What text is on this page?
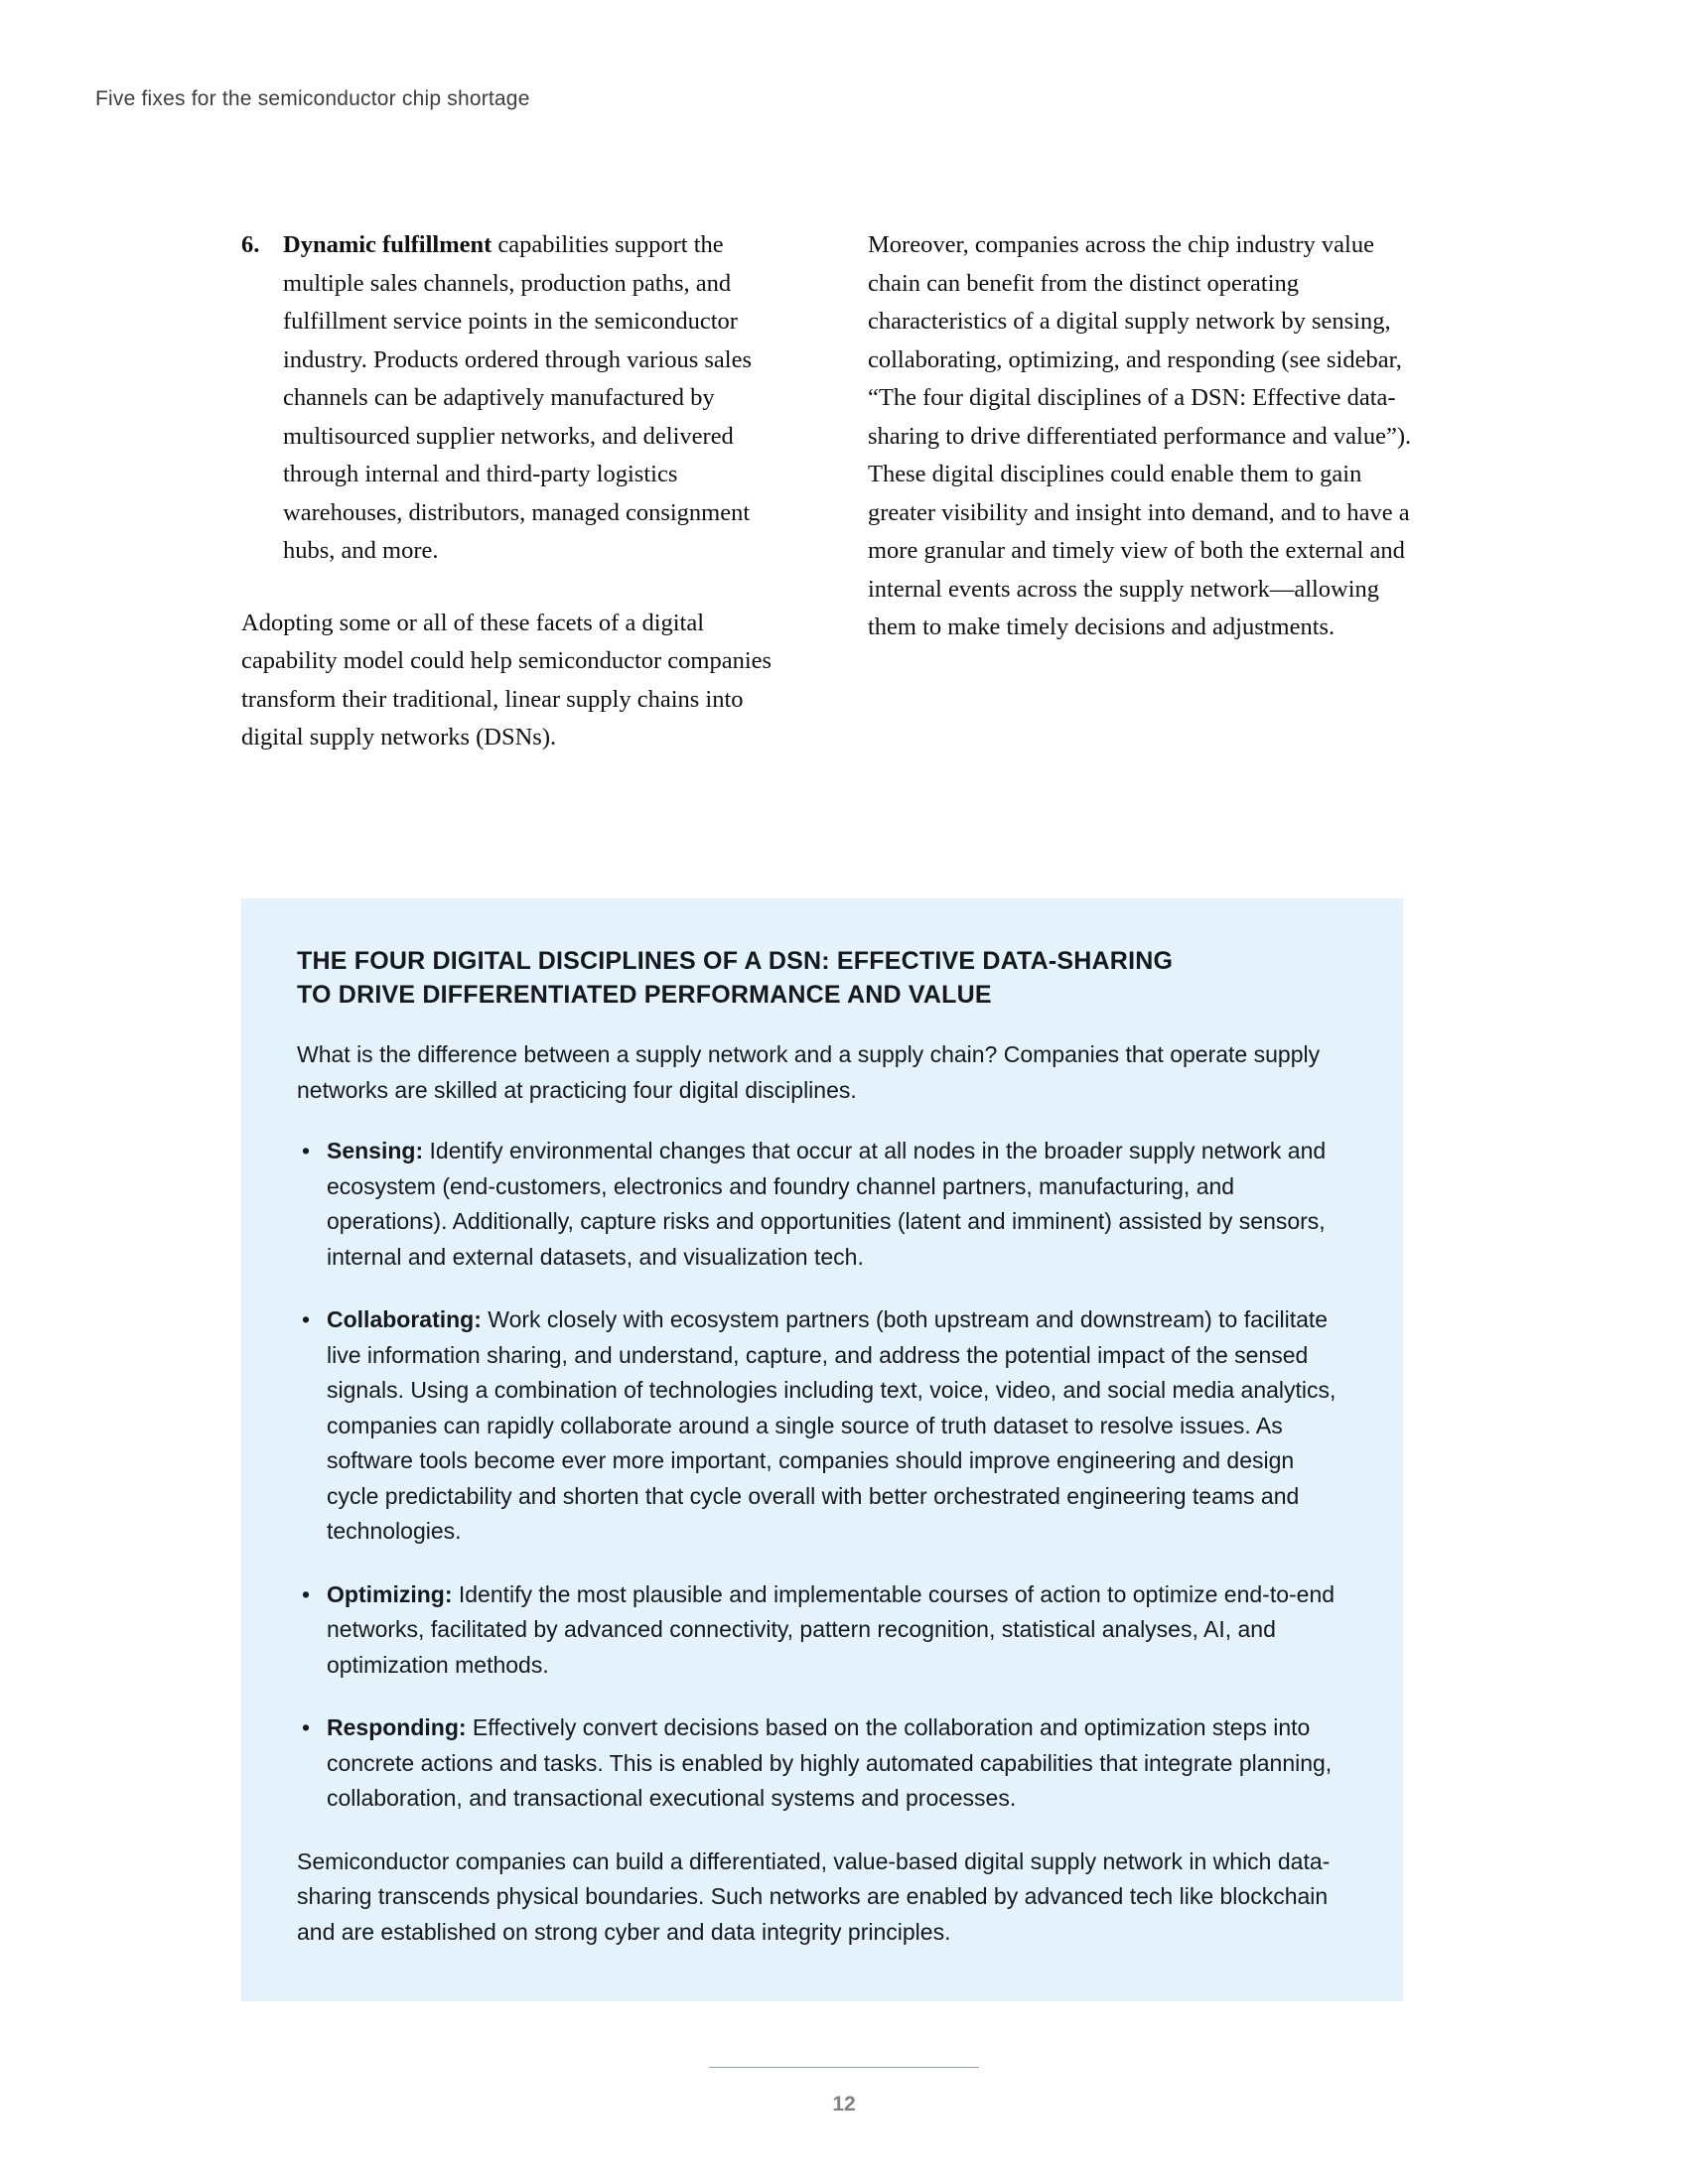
Five fixes for the semiconductor chip shortage
6. Dynamic fulfillment capabilities support the multiple sales channels, production paths, and fulfillment service points in the semiconductor industry. Products ordered through various sales channels can be adaptively manufactured by multisourced supplier networks, and delivered through internal and third-party logistics warehouses, distributors, managed consignment hubs, and more.
Adopting some or all of these facets of a digital capability model could help semiconductor companies transform their traditional, linear supply chains into digital supply networks (DSNs).
Moreover, companies across the chip industry value chain can benefit from the distinct operating characteristics of a digital supply network by sensing, collaborating, optimizing, and responding (see sidebar, “The four digital disciplines of a DSN: Effective data-sharing to drive differentiated performance and value”). These digital disciplines could enable them to gain greater visibility and insight into demand, and to have a more granular and timely view of both the external and internal events across the supply network—allowing them to make timely decisions and adjustments.
THE FOUR DIGITAL DISCIPLINES OF A DSN: EFFECTIVE DATA-SHARING
TO DRIVE DIFFERENTIATED PERFORMANCE AND VALUE

What is the difference between a supply network and a supply chain? Companies that operate supply networks are skilled at practicing four digital disciplines.

• Sensing: Identify environmental changes that occur at all nodes in the broader supply network and ecosystem (end-customers, electronics and foundry channel partners, manufacturing, and operations). Additionally, capture risks and opportunities (latent and imminent) assisted by sensors, internal and external datasets, and visualization tech.
• Collaborating: Work closely with ecosystem partners (both upstream and downstream) to facilitate live information sharing, and understand, capture, and address the potential impact of the sensed signals. Using a combination of technologies including text, voice, video, and social media analytics, companies can rapidly collaborate around a single source of truth dataset to resolve issues. As software tools become ever more important, companies should improve engineering and design cycle predictability and shorten that cycle overall with better orchestrated engineering teams and technologies.
• Optimizing: Identify the most plausible and implementable courses of action to optimize end-to-end networks, facilitated by advanced connectivity, pattern recognition, statistical analyses, AI, and optimization methods.
• Responding: Effectively convert decisions based on the collaboration and optimization steps into concrete actions and tasks. This is enabled by highly automated capabilities that integrate planning, collaboration, and transactional executional systems and processes.

Semiconductor companies can build a differentiated, value-based digital supply network in which data-sharing transcends physical boundaries. Such networks are enabled by advanced tech like blockchain and are established on strong cyber and data integrity principles.

12
